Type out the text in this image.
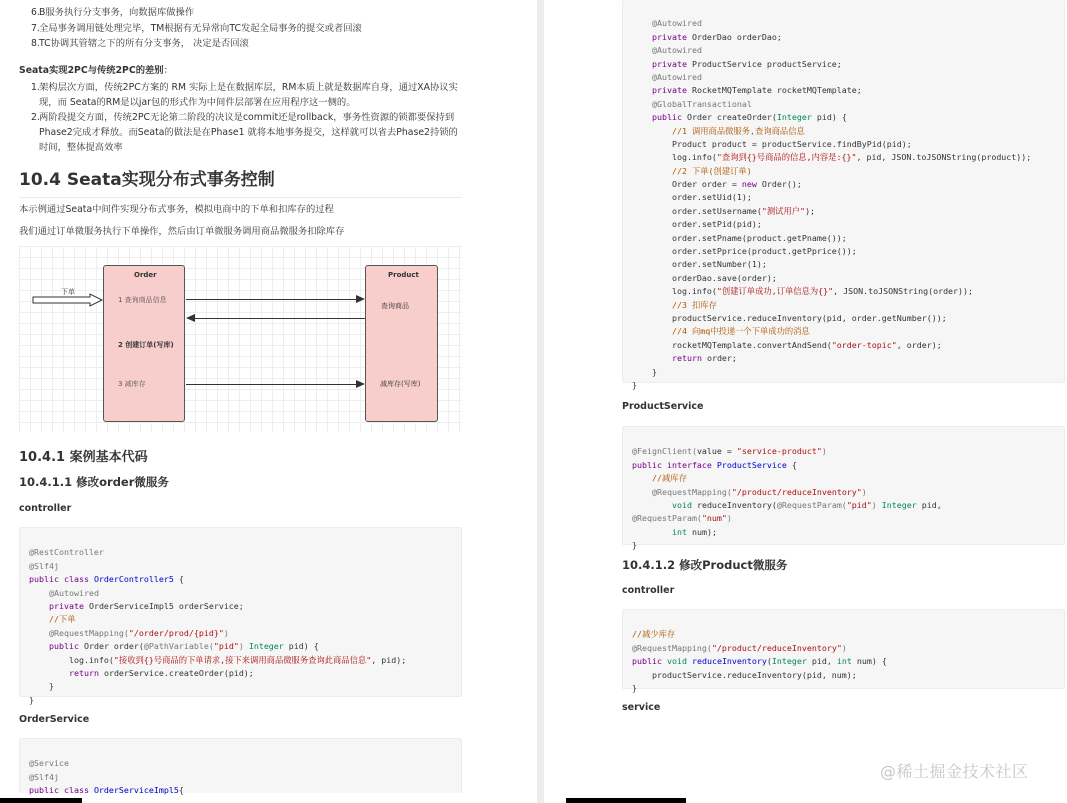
6. B服务执行分支事务，向数据库做操作
7. 全局事务调用链处理完毕，TM根据有无异常向TC发起全局事务的提交或者回滚
8. TC协调其管辖之下的所有分支事务， 决定是否回滚
Seata实现2PC与传统2PC的差别：
1. 架构层次方面，传统2PC方案的 RM 实际上是在数据库层，RM本质上就是数据库自身，通过XA协议实现，而 Seata的RM是以jar包的形式作为中间件层部署在应用程序这一侧的。
2. 两阶段提交方面，传统2PC无论第二阶段的决议是commit还是rollback，事务性资源的锁都要保持到Phase2完成才释放。而Seata的做法是在Phase1 就将本地事务提交，这样就可以省去Phase2持锁的时间，整体提高效率
10.4 Seata实现分布式事务控制
本示例通过Seata中间件实现分布式事务，模拟电商中的下单和扣库存的过程
我们通过订单微服务执行下单操作，然后由订单微服务调用商品微服务扣除库存
下单
Order
1 查询商品信息
2 创建订单(写库)
3 减库存
Product
查询商品
减库存(写库)
10.4.1 案例基本代码
10.4.1.1 修改order微服务
controller

@RestController
@Slf4j
public class OrderController5 {
@Autowired
private OrderServiceImpl5 orderService;
//下单
@RequestMapping("/order/prod/{pid}")
public Order order(@PathVariable("pid") Integer pid) {
log.info("接收到{}号商品的下单请求,接下来调用商品微服务查询此商品信息", pid);
return orderService.createOrder(pid);
}
}
OrderService

@Service
@Slf4j
public class OrderServiceImpl5{

@Autowired
private OrderDao orderDao;
@Autowired
private ProductService productService;
@Autowired
private RocketMQTemplate rocketMQTemplate;
@GlobalTransactional
public Order createOrder(Integer pid) {
//1 调用商品微服务,查询商品信息
Product product = productService.findByPid(pid);
log.info("查询到{}号商品的信息,内容是:{}", pid, JSON.toJSONString(product));
//2 下单(创建订单)
Order order = new Order();
order.setUid(1);
order.setUsername("测试用户");
order.setPid(pid);
order.setPname(product.getPname());
order.setPprice(product.getPprice());
order.setNumber(1);
orderDao.save(order);
log.info("创建订单成功,订单信息为{}", JSON.toJSONString(order));
//3 扣库存
productService.reduceInventory(pid, order.getNumber());
//4 向mq中投递一个下单成功的消息
rocketMQTemplate.convertAndSend("order-topic", order);
return order;
}
}
ProductService

@FeignClient(value = "service-product")
public interface ProductService {
//减库存
@RequestMapping("/product/reduceInventory")
void reduceInventory(@RequestParam("pid") Integer pid,
@RequestParam("num")
int num);
}
10.4.1.2 修改Product微服务
controller

//减少库存
@RequestMapping("/product/reduceInventory")
public void reduceInventory(Integer pid, int num) {
productService.reduceInventory(pid, num);
}
service
@稀土掘金技术社区
